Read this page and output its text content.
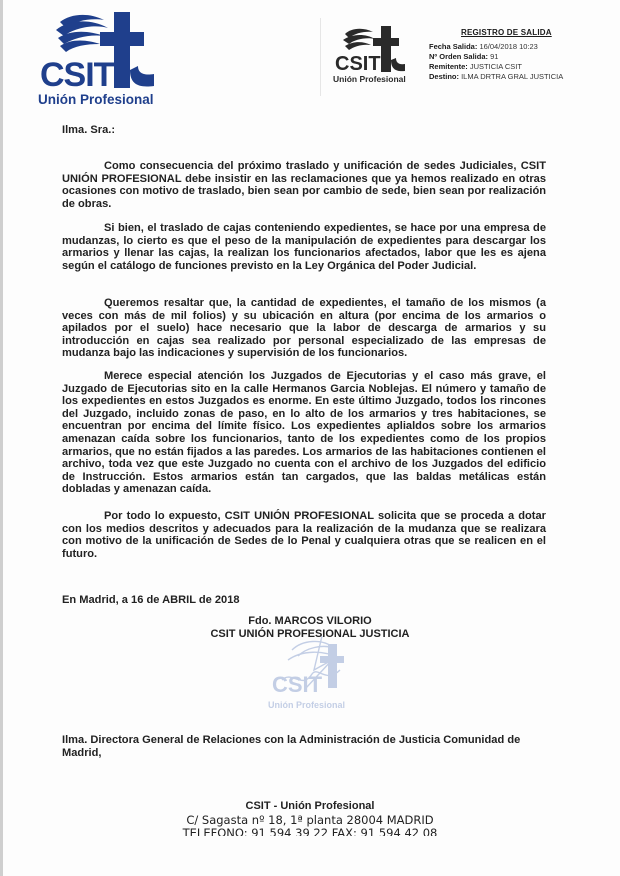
CSIT
Unión Profesional
CSIT
Unión Profesional
REGISTRO DE SALIDA
Fecha Salida: 16/04/2018 10:23
Nº Orden Salida: 91
Remitente: JUSTICIA CSIT
Destino: ILMA DRTRA GRAL JUSTICIA
Ilma. Sra.:
Como consecuencia del próximo traslado y unificación de sedes Judiciales, CSIT UNIÓN PROFESIONAL debe insistir en las reclamaciones que ya hemos realizado en otras ocasiones con motivo de traslado, bien sean por cambio de sede, bien sean por realización de obras.
Si bien, el traslado de cajas conteniendo expedientes, se hace por una empresa de mudanzas, lo cierto es que el peso de la manipulación de expedientes para descargar los armarios y llenar las cajas, la realizan los funcionarios afectados, labor que les es ajena según el catálogo de funciones previsto en la Ley Orgánica del Poder Judicial.
Queremos resaltar que, la cantidad de expedientes, el tamaño de los mismos (a veces con más de mil folios) y su ubicación en altura (por encima de los armarios o apilados por el suelo) hace necesario que la labor de descarga de armarios y su introducción en cajas sea realizado por personal especializado de las empresas de mudanza bajo las indicaciones y supervisión de los funcionarios.
Merece especial atención los Juzgados de Ejecutorias y el caso más grave, el Juzgado de Ejecutorias sito en la calle Hermanos Garcia Noblejas. El número y tamaño de los expedientes en estos Juzgados es enorme. En este último Juzgado, todos los rincones del Juzgado, incluido zonas de paso, en lo alto de los armarios y tres habitaciones, se encuentran por encima del límite físico. Los expedientes aplialdos sobre los armarios amenazan caída sobre los funcionarios, tanto de los expedientes como de los propios armarios, que no están fijados a las paredes. Los armarios de las habitaciones contienen el archivo, toda vez que este Juzgado no cuenta con el archivo de los Juzgados del edificio de Instrucción. Estos armarios están tan cargados, que las baldas metálicas están dobladas y amenazan caída.
Por todo lo expuesto, CSIT UNIÓN PROFESIONAL solicita que se proceda a dotar con los medios descritos y adecuados para la realización de la mudanza que se realizara con motivo de la unificación de Sedes de lo Penal y cualquiera otras que se realicen en el futuro.
En Madrid, a 16 de ABRIL de 2018
Fdo. MARCOS VILORIO
CSIT UNIÓN PROFESIONAL JUSTICIA
CSIT
Unión Profesional
Ilma. Directora General de Relaciones con la Administración de Justicia Comunidad de Madrid,
CSIT - Unión Profesional
C/ Sagasta nº 18, 1ª planta 28004 MADRID
TELEFONO: 91 594 39 22 FAX: 91 594 42 08
